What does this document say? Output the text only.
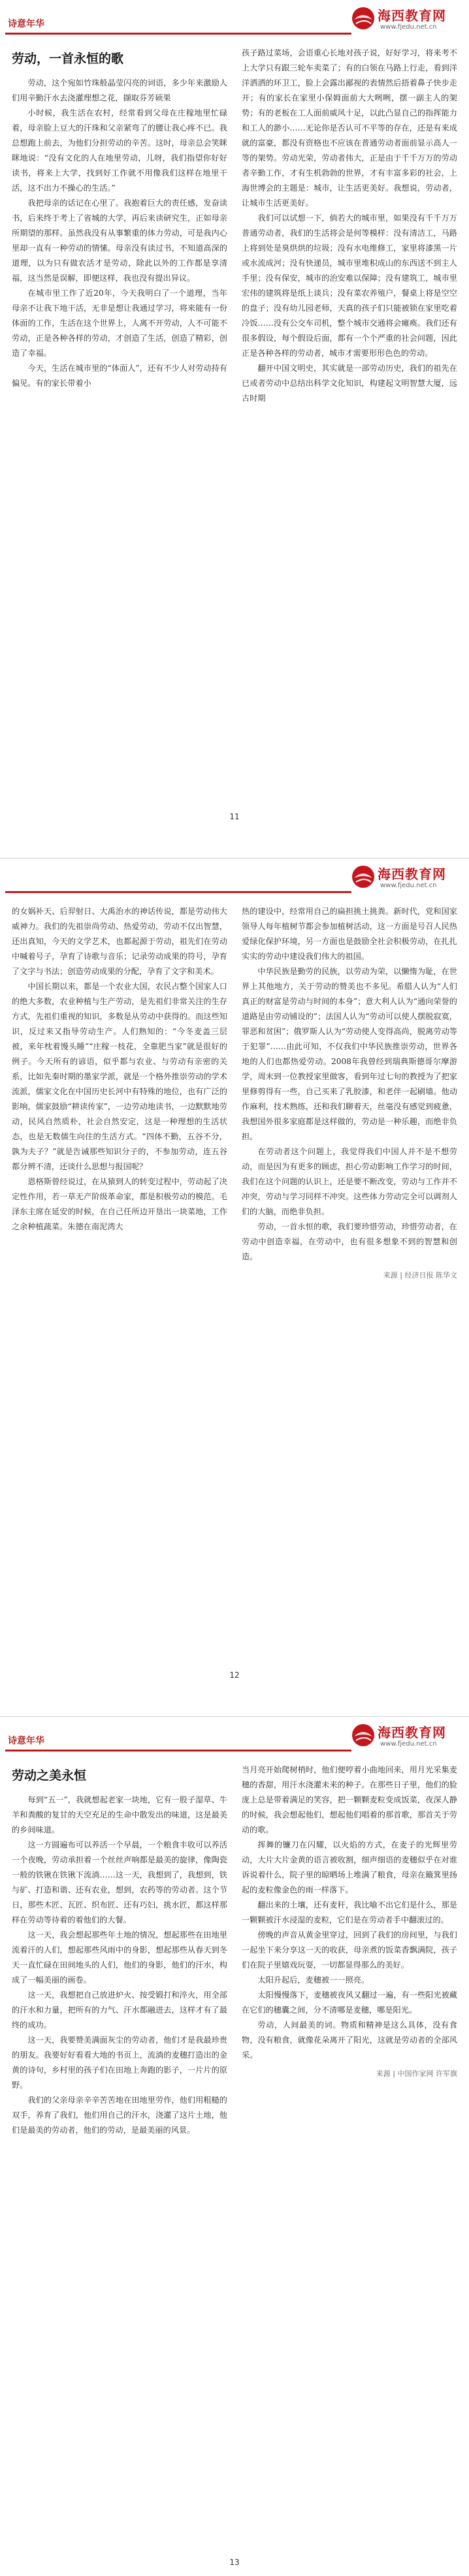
诗意年华
海西教育网
www.fjedu.net.cn
劳动，一首永恒的歌

劳动，这个宛如竹珠般晶莹闪亮的词语，多少年来激励人们用辛勤汗水去浇灌理想之花，撷取芬芳硕果

小时候，我生活在农村，经常看到父母在庄稼地里忙碌着，母亲脸上豆大的汗珠和父亲紧弯了的腰让我心疼不已。我总想跑上前去，为他们分担劳动的辛苦。这时，母亲总会笑眯眯地说：“没有文化的人在地里劳动，儿呀，我们指望你好好读书，将来上大学，找到好工作就不用像我们这样在地里干活，这不出力不操心的生活。”

我把母亲的话记在心里了。我抱着巨大的责任感，发奋读书，后来终于考上了省城的大学，再后来读研究生，正如母亲所期望的那样。虽然我没有从事繁重的体力劳动，可是我内心里却一直有一种劳动的情愫。母亲没有读过书，不知道高深的道理，以为只有做农活才是劳动，除此以外的工作都是享清福，这当然是误解，即便这样，我也没有提出异议。

在城市里工作了近20年，今天我明白了一个道理，当年母亲不让我下地干活，无非是想让我通过学习，将来能有一份体面的工作，生活在这个世界上，人离不开劳动，人不可能不劳动，正是各种各样的劳动，才创造了生活，创造了精彩，创造了幸福。

今天，生活在城市里的“体面人”，还有不少人对劳动持有偏见。有的家长带着小

孩子路过菜场，会语重心长地对孩子说，好好学习，将来考不上大学只有跟三轮车卖菜了；有的白领在马路上行走，看到洋洋洒洒的环卫工，脸上会露出鄙视的表情然后捂着鼻子快步走开；有的家长在家里小保姆面前大大咧咧，摆一副主人的架势；有的老板在工人面前威风十足，以此凸显自己的指挥能力和工人的渺小……无论你是否认可不平等的存在，还是有来成就的富豪，都没有资格也不应该在普通劳动者面前显示高人一等的架势。劳动光荣，劳动者伟大，正是由于千千万万的劳动者辛勤工作，才有生机勃勃的世界，才有丰富多彩的社会，上海世博会的主题是：城市，让生活更美好。我想说，劳动者，让城市生活更美好。

我们可以试想一下，倘若大的城市里，如果没有千千万万普通劳动者，我们的生活将会是何等模样：没有清洁工，马路上将到处是臭烘烘的垃圾；没有水电维修工，家里将漆黑一片或水流成河；没有快递员，城市里堆积成山的东西送不到主人手里；没有保安，城市的治安难以保障；没有建筑工，城市里宏伟的建筑将是纸上谈兵；没有菜农养殖户，餐桌上将是空空的盘子；没有幼儿园老师，天真的孩子们只能被锁在家里吃着冷饭……没有公交车司机，整个城市交通将会瘫痪。我们还有很多假设，每个假设后面，都有一个个严重的社会问题，因此正是各种各样的劳动者，城市才需要形形色色的劳动。

翻开中国文明史，其实就是一部劳动历史，我们的祖先在已或者劳动中总结出科学文化知识，构建起文明智慧大厦，远古时期

11
海西教育网
www.fjedu.net.cn

的女娲补天、后羿射日、大禹治水的神话传说，都是劳动伟大威神力。我们的先祖崇尚劳动、热爱劳动，劳动不仅出智慧，还出真知，今天的文学艺术，也都起源于劳动，祖先们在劳动中喊着号子，孕育了诗歌与音乐；记录劳动成果的符号，孕育了文字与书法；创造劳动成果的分配，孕育了文字和美术。

中国长期以来，都是一个农业大国，农民占整个国家人口的绝大多数，农业种植与生产劳动，是先祖们非常关注的生存方式，先祖们重视的知识，多数是从劳动中获得的。而这些知识，反过来又指导劳动生产。人们熟知的：“今冬麦盖三层被，来年枕着馒头睡”“庄稼一枝花，全靠肥当家”就是很好的例子。今天所有的谚语，似乎都与农业、与劳动有亲密的关系，比如先秦时期的墨家学派，就是一个格外推崇劳动的学术流派，儒家文化在中国历史长河中有特殊的地位，也有广泛的影响，儒家鼓励“耕读传家”，一边劳动地读书，一边默默地劳动，民风自然质朴，社会自然安定，这是一种理想的生活状态，也是无数儒生向往的生活方式。“四体不勤，五谷不分，孰为夫子？”就是告诫那些知识分子的，不参加劳动，连五谷都分辨不清，还谈什么思想与报国呢？

恩格斯曾经说过，在从猿到人的转变过程中，劳动起了决定性作用，若一草无产阶级革命家，都是积极劳动的模范。毛泽东主席在延安的时候，在自己任所边开垦出一块菜地，工作之余种植蔬菜。朱德在南泥湾大

热的建设中，经常用自己的扁担挑土挑粪。新时代，党和国家领导人每年植树节都会参加植树活动，这一方面是号召人民热爱绿化保护环境，另一方面也是鼓励全社会积极劳动，在扎扎实实的劳动中建设我们伟大的祖国。

中华民族是勤劳的民族，以劳动为荣，以懒惰为耻，在世界上其他地方，关于劳动的赞美也不多见。希腊人认为“人们真正的财富是劳动与时间的本身”；意大利人认为“通向荣誉的道路是由劳动铺设的”；法国人认为“劳动可以使人摆脱寂寞，罪恶和贫困”；俄罗斯人认为“劳动使人变得高尚，脱离劳动等于犯罪”……由此可知，不仅我们中华民族推崇劳动，世界各地的人们也都热爱劳动。2008年我曾经到瑞典斯德哥尔摩游学，周末到一位教授家里做客，看到年过七旬的教授为了把家里修剪得有一些，自己买来了乳胶漆，和老伴一起刷墙。他动作麻利，技术熟练，还和我们聊着天，丝毫没有感觉到疲惫，我想国外很多家庭都是这样做的，劳动是一种乐趣，而绝非负担。

在劳动者这个问题上，我觉得我们中国人并不是不想劳动，而是因为有更多的顾虑，担心劳动影响工作学习的时间，我们在这个问题的认识上，还是要不断改变，劳动与工作并不冲突，劳动与学习同样不冲突。这些体力劳动完全可以调剂人们的大脑，而绝非负担。

劳动，一首永恒的歌，我们要珍惜劳动，珍惜劳动者，在劳动中创造幸福，在劳动中，也有很多想象不到的智慧和创造。

来源 | 经济日报 陈华文
12
诗意年华
海西教育网
www.fjedu.net.cn
劳动之美永恒

每到“五一”，我就想起老家一块地，它有一股子湿草、牛羊和粪酸的复甘的天空充足的生命中散发出的味道，这是最美的乡间味道。

这一方圆遍布可以养活一个早晨，一个粮食丰收可以养活一个夜晚，劳动承担着一个丝丝声响都是最美的旋律，像陶瓷一般的铁锹在铁锹下流淌……这一天，我想到了，我想到，铁与矿、打造和谐、还有农业，想到，农药等的劳动者。这个节日，那些木匠、瓦匠、织布匠、还有巧妇，挑水匠，都这样那样在劳动等待着的着他们的大餐。

这一天，我会想起那些年土地的情况，想起那些在田地里流着汗的人们，想起那些风雨中的身影，想起那些从春天到冬天一直忙碌在田间地头的人们，他们的身影，他们的汗水，构成了一幅美丽的画卷。

这一天，我想把自己放进炉火、按受锻打和淬火，用全部的汗水和力量，把所有的力气、汗水都融进去，这样才有了最终的成功。

这一天，我要赞美满面灰尘的劳动者，他们才是我最珍贵的朋友。我要好好看看大地的书页上，流淌的麦穗打造出的金黄的诗句，乡村里的孩子们在田地上奔跑的影子，一片片的原野。

我们的父亲母亲辛辛苦苦地在田地里劳作，他们用粗糙的双手，养育了我们，他们用自己的汗水，浇灌了这片土地，他们是最美的劳动者，他们的劳动，是最美丽的风景。

当月亮开始爬树梢时，他们便哼着小曲地回来，用月光采集麦穗的香甜，用汗水浇灌未来的种子。在那些日子里，他们的脸庞上总是带着满足的笑容，把一颗颗麦粒变成饭菜，夜深人静的时候，我会想起他们，想起他们唱着的那首歌，那首关于劳动的歌。

挥舞的镰刀在闪耀，以火焰的方式，在麦子的光辉里劳动，大片大片金黄的语言被收割，细声细语的麦穗似乎在对谁诉说着什么，院子里的晾晒场上堆满了粮食，母亲在簸箕里扬起的麦粒像金色的雨一样落下。

翻出来的土壤，还有麦秆，我比喻不出它们是什么，那是一颗颗被汗水浸湿的麦粒，它们是在劳动者手中翻滚过的。

傍晚的声音从黄金里穿过，回到了我们的房间里，与我们一起坐下来分享这一天的收获，母亲煮的饭菜香飘满院，孩子们在院子里嬉戏玩耍，一切都显得那么的美好。

太阳升起后，麦穗被一一照亮。

太阳慢慢落下，麦穗被夜风又翻过一遍，有一些阳光被藏在它们的穗囊之间，分不清哪是麦穗，哪是阳光。

劳动，人间最美的词。物质和精神是这么具体，没有食物，没有粮食，就像花朵离开了阳光，这就是劳动者的全部风采。

来源 | 中国作家网 许军旗
13
